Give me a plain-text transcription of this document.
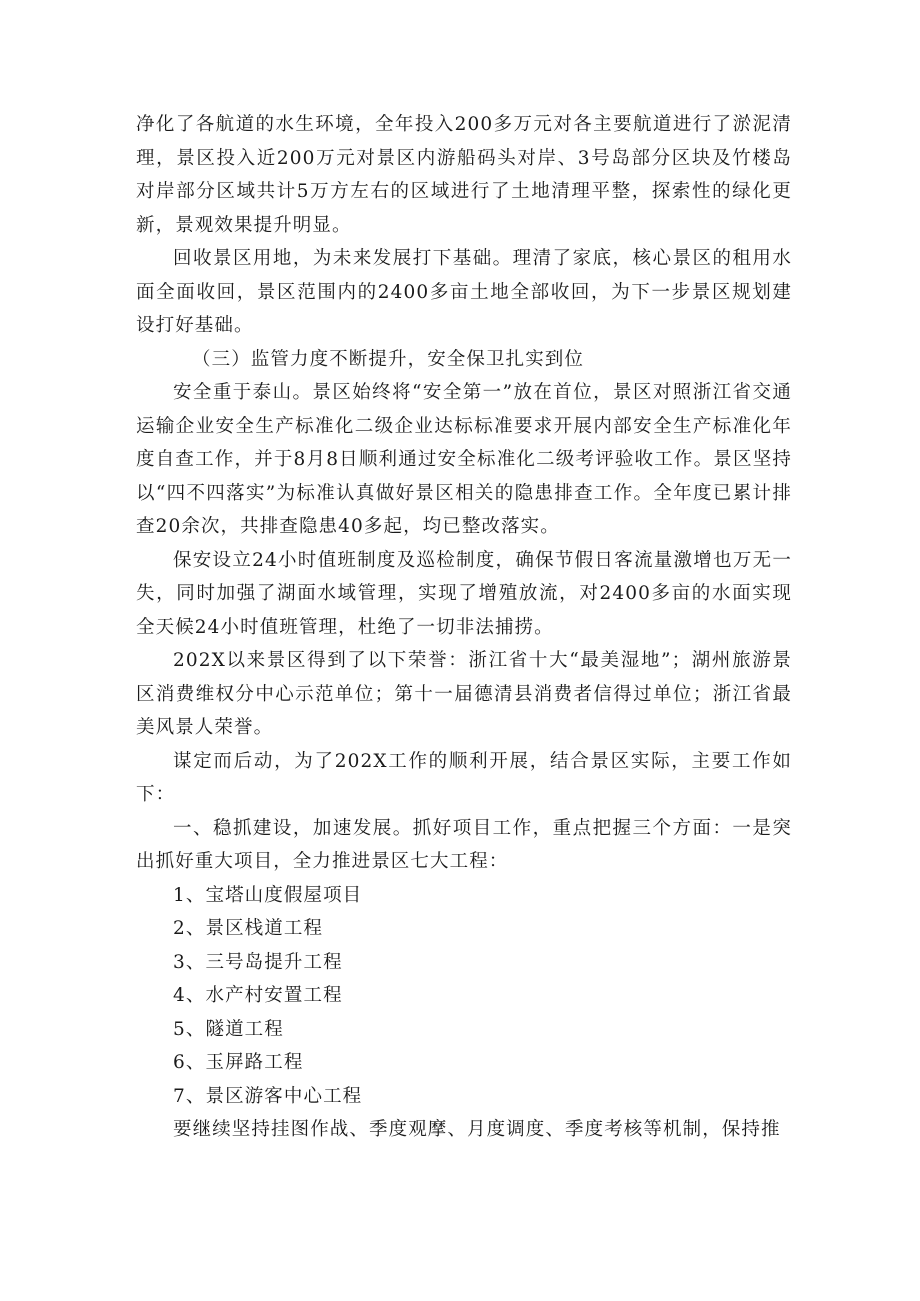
净化了各航道的水生环境，全年投入200多万元对各主要航道进行了淤泥清理，景区投入近200万元对景区内游船码头对岸、3号岛部分区块及竹楼岛对岸部分区域共计5万方左右的区域进行了土地清理平整，探索性的绿化更新，景观效果提升明显。

回收景区用地，为未来发展打下基础。理清了家底，核心景区的租用水面全面收回，景区范围内的2400多亩土地全部收回，为下一步景区规划建设打好基础。

（三）监管力度不断提升，安全保卫扎实到位

安全重于泰山。景区始终将“安全第一”放在首位，景区对照浙江省交通运输企业安全生产标准化二级企业达标标准要求开展内部安全生产标准化年度自查工作，并于8月8日顺利通过安全标准化二级考评验收工作。景区坚持以“四不四落实”为标准认真做好景区相关的隐患排查工作。全年度已累计排查20余次，共排查隐患40多起，均已整改落实。

保安设立24小时值班制度及巡检制度，确保节假日客流量激增也万无一失，同时加强了湖面水域管理，实现了增殖放流，对2400多亩的水面实现全天候24小时值班管理，杜绝了一切非法捕捞。

202X以来景区得到了以下荣誉：浙江省十大“最美湿地”；湖州旅游景区消费维权分中心示范单位；第十一届德清县消费者信得过单位；浙江省最美风景人荣誉。

谋定而后动，为了202X工作的顺利开展，结合景区实际，主要工作如下：

一、稳抓建设，加速发展。抓好项目工作，重点把握三个方面：一是突出抓好重大项目，全力推进景区七大工程：

1、宝塔山度假屋项目

2、景区栈道工程

3、三号岛提升工程

4、水产村安置工程

5、隧道工程

6、玉屏路工程

7、景区游客中心工程

要继续坚持挂图作战、季度观摩、月度调度、季度考核等机制，保持推
